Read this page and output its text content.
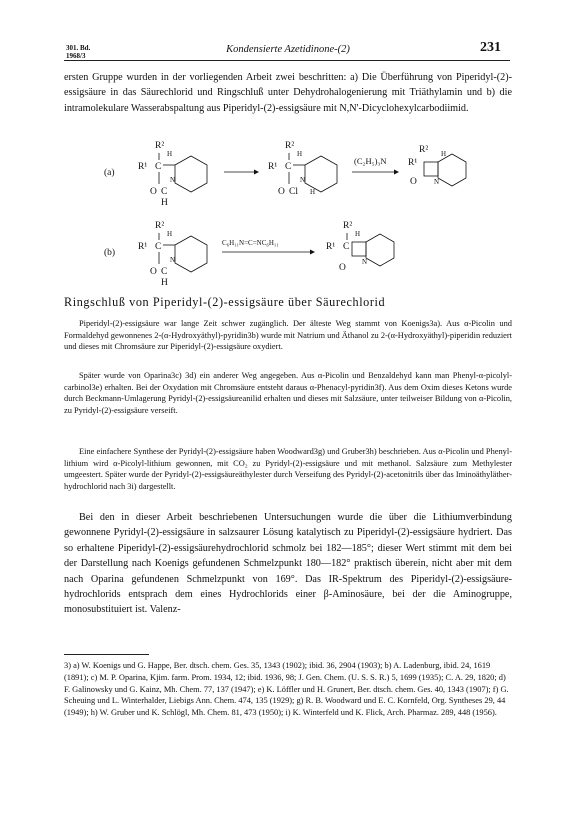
301. Bd.
1968/3
Kondensierte Azetidinone-(2)	231
ersten Gruppe wurden in der vorliegenden Arbeit zwei beschritten: a) Die Überführung von Piperidyl-(2)-essigsäure in das Säurechlorid und Ringschluß unter Dehydrohalogenierung mit Triäthylamin und b) die intramolekulare Wasserabspaltung aus Piperidyl-(2)-essigsäure mit N,N'-Dicyclohexylcarbodiimid.
(a)
R¹ C
R²
H
O C
H
N
R¹ C
R²
H
O Cl
N
H
(C₂H₅)₃N R¹
R²
O N
H
(b)
R¹ C
R²
H
O C
H
N
C₆H₁₁N=C=NC₆H₁₁	R¹ C
R²
H
O
N
Ringschluß von Piperidyl-(2)-essigsäure über Säurechlorid
Piperidyl-(2)-essigsäure war lange Zeit schwer zugänglich. Der älteste Weg stammt von Koenigs3a). Aus α-Picolin und Formaldehyd gewonnenes 2-(α-Hydroxyäthyl)-pyridin3b) wurde mit Natrium und Äthanol zu 2-(α-Hydroxyäthyl)-piperidin reduziert und dieses mit Chromsäure zur Piperidyl-(2)-essigsäure oxydiert.
Später wurde von Oparina3c) 3d) ein anderer Weg angegeben. Aus α-Picolin und Benzaldehyd kann man Phenyl-α-picolyl-carbinol3e) erhalten. Bei der Oxydation mit Chromsäure entsteht daraus α-Phenacyl-pyridin3f). Aus dem Oxim dieses Ketons wurde durch Beckmann-Umlagerung Pyridyl-(2)-essigsäureanilid erhalten und dieses mit Salzsäure, unter teilweiser Bildung von α-Picolin, zu Pyridyl-(2)-essigsäure verseift.
Eine einfachere Synthese der Pyridyl-(2)-essigsäure haben Woodward3g) und Gruber3h) beschrieben. Aus α-Picolin und Phenyl-lithium wird α-Picolyl-lithium gewonnen, mit CO₂ zu Pyridyl-(2)-essigsäure und mit methanol. Salzsäure zum Methylester umgeestert. Später wurde der Pyridyl-(2)-essigsäureäthylester durch Verseifung des Pyridyl-(2)-acetonitrils über das Iminoäthyläther-hydrochlorid nach 3i) dargestellt.
Bei den in dieser Arbeit beschriebenen Untersuchungen wurde die über die Lithiumverbindung gewonnene Pyridyl-(2)-essigsäure in salzsaurer Lösung katalytisch zu Piperidyl-(2)-essigsäure hydriert. Das so erhaltene Piperidyl-(2)-essigsäurehydrochlorid schmolz bei 182—185°; dieser Wert stimmt mit dem bei der Darstellung nach Koenigs gefundenen Schmelzpunkt 180—182° praktisch überein, nicht aber mit dem nach Oparina gefundenen Schmelzpunkt von 169°. Das IR-Spektrum des Piperidyl-(2)-essigsäure-hydrochlorids entsprach dem eines Hydrochlorids einer β-Aminosäure, bei der die Aminogruppe, monosubstituiert ist. Valenz-
3) a) W. Koenigs und G. Happe, Ber. dtsch. chem. Ges. 35, 1343 (1902); ibid. 36, 2904 (1903); b) A. Ladenburg, ibid. 24, 1619 (1891); c) M. P. Oparina, Kjim. farm. Prom. 1934, 12; ibid. 1936, 98; J. Gen. Chem. (U. S. S. R.) 5, 1699 (1935); C. A. 29, 1820; d) F. Galinowsky und G. Kainz, Mh. Chem. 77, 137 (1947); e) K. Löffler und H. Grunert, Ber. dtsch. chem. Ges. 40, 1343 (1907); f) G. Scheuing und L. Winterhalder, Liebigs Ann. Chem. 474, 135 (1929); g) R. B. Woodward und E. C. Kornfeld, Org. Syntheses 29, 44 (1949); h) W. Gruber und K. Schlögl, Mh. Chem. 81, 473 (1950); i) K. Winterfeld und K. Flick, Arch. Pharmaz. 289, 448 (1956).
